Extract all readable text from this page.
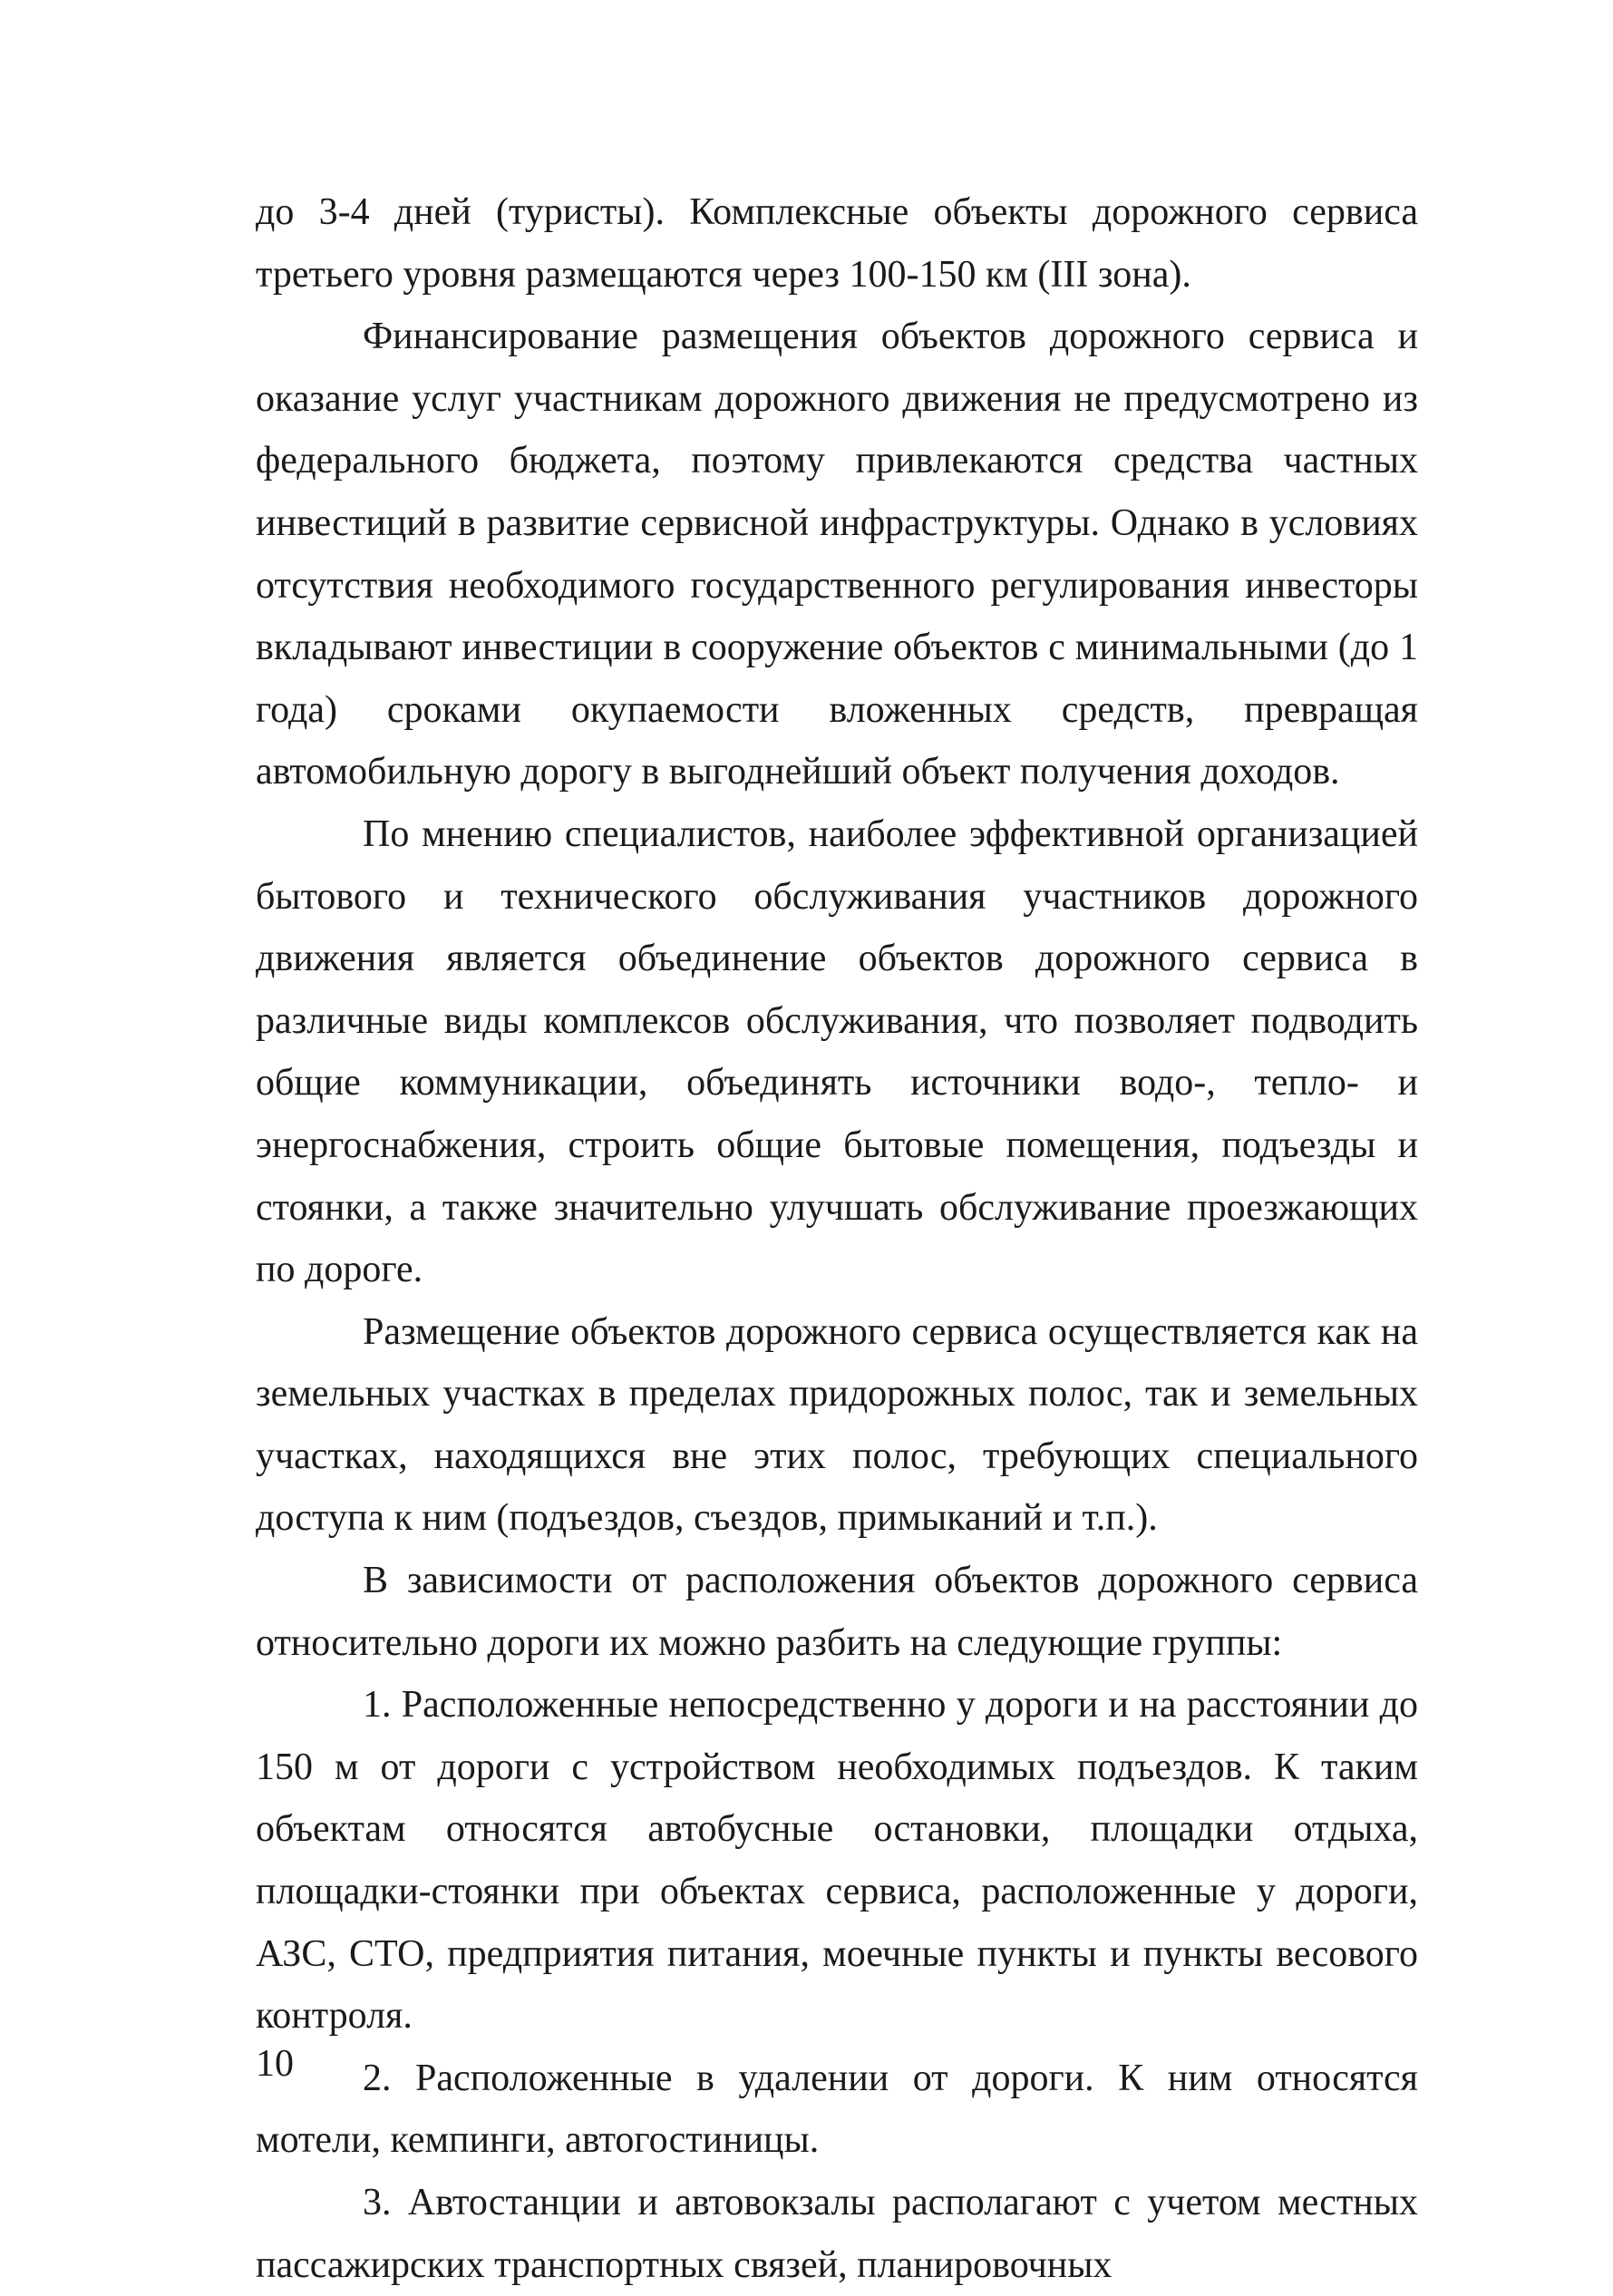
до 3-4 дней (туристы). Комплексные объекты дорожного сервиса третьего уровня размещаются через 100-150 км (III зона).

Финансирование размещения объектов дорожного сервиса и оказание услуг участникам дорожного движения не предусмотрено из федерального бюджета, поэтому привлекаются средства частных инвестиций в развитие сервисной инфраструктуры. Однако в условиях отсутствия необходимого государственного регулирования инвесторы вкладывают инвестиции в сооружение объектов с минимальными (до 1 года) сроками окупаемости вложенных средств, превращая автомобильную дорогу в выгоднейший объект получения доходов.

По мнению специалистов, наиболее эффективной организацией бытового и технического обслуживания участников дорожного движения является объединение объектов дорожного сервиса в различные виды комплексов обслуживания, что позволяет подводить общие коммуникации, объединять источники водо-, тепло- и энергоснабжения, строить общие бытовые помещения, подъезды и стоянки, а также значительно улучшать обслуживание проезжающих по дороге.

Размещение объектов дорожного сервиса осуществляется как на земельных участках в пределах придорожных полос, так и земельных участках, находящихся вне этих полос, требующих специального доступа к ним (подъездов, съездов, примыканий и т.п.).

В зависимости от расположения объектов дорожного сервиса относительно дороги их можно разбить на следующие группы:

1. Расположенные непосредственно у дороги и на расстоянии до 150 м от дороги с устройством необходимых подъездов. К таким объектам относятся автобусные остановки, площадки отдыха, площадки-стоянки при объектах сервиса, расположенные у дороги, АЗС, СТО, предприятия питания, моечные пункты и пункты весового контроля.

2. Расположенные в удалении от дороги. К ним относятся мотели, кемпинги, автогостиницы.

3. Автостанции и автовокзалы располагают с учетом местных пассажирских транспортных связей, планировочных

10
